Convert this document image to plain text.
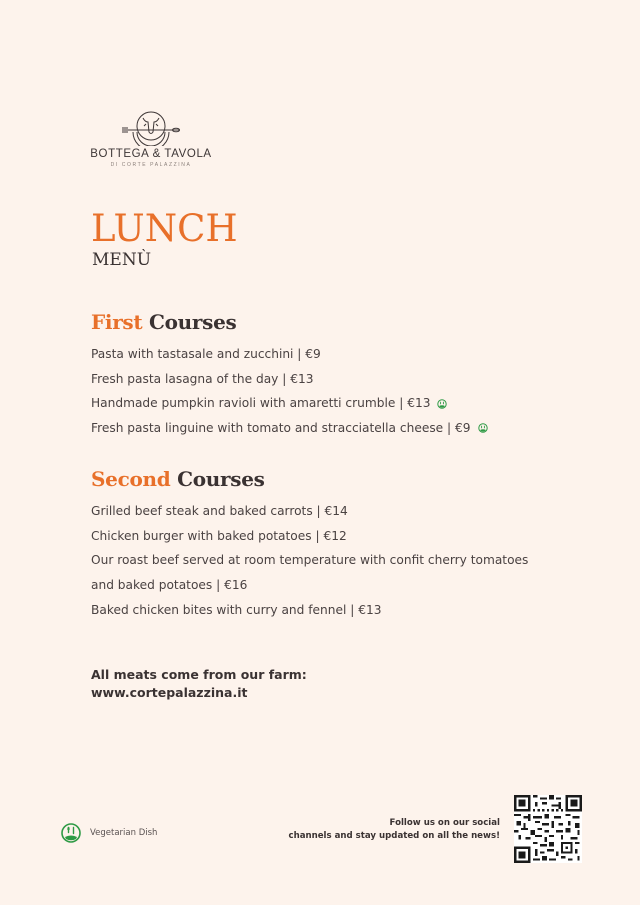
BOTTEGA & TAVOLA
DI CORTE PALAZZINA
LUNCH
MENÙ
First Courses
Pasta with tastasale and zucchini | €9
Fresh pasta lasagna of the day | €13
Handmade pumpkin ravioli with amaretti crumble | €13
Fresh pasta linguine with tomato and stracciatella cheese | €9
Second Courses
Grilled beef steak and baked carrots | €14
Chicken burger with baked potatoes | €12
Our roast beef served at room temperature with confit cherry tomatoes
and baked potatoes | €16
Baked chicken bites with curry and fennel | €13
All meats come from our farm:
www.cortepalazzina.it
Vegetarian Dish
Follow us on our social
channels and stay updated on all the news!
